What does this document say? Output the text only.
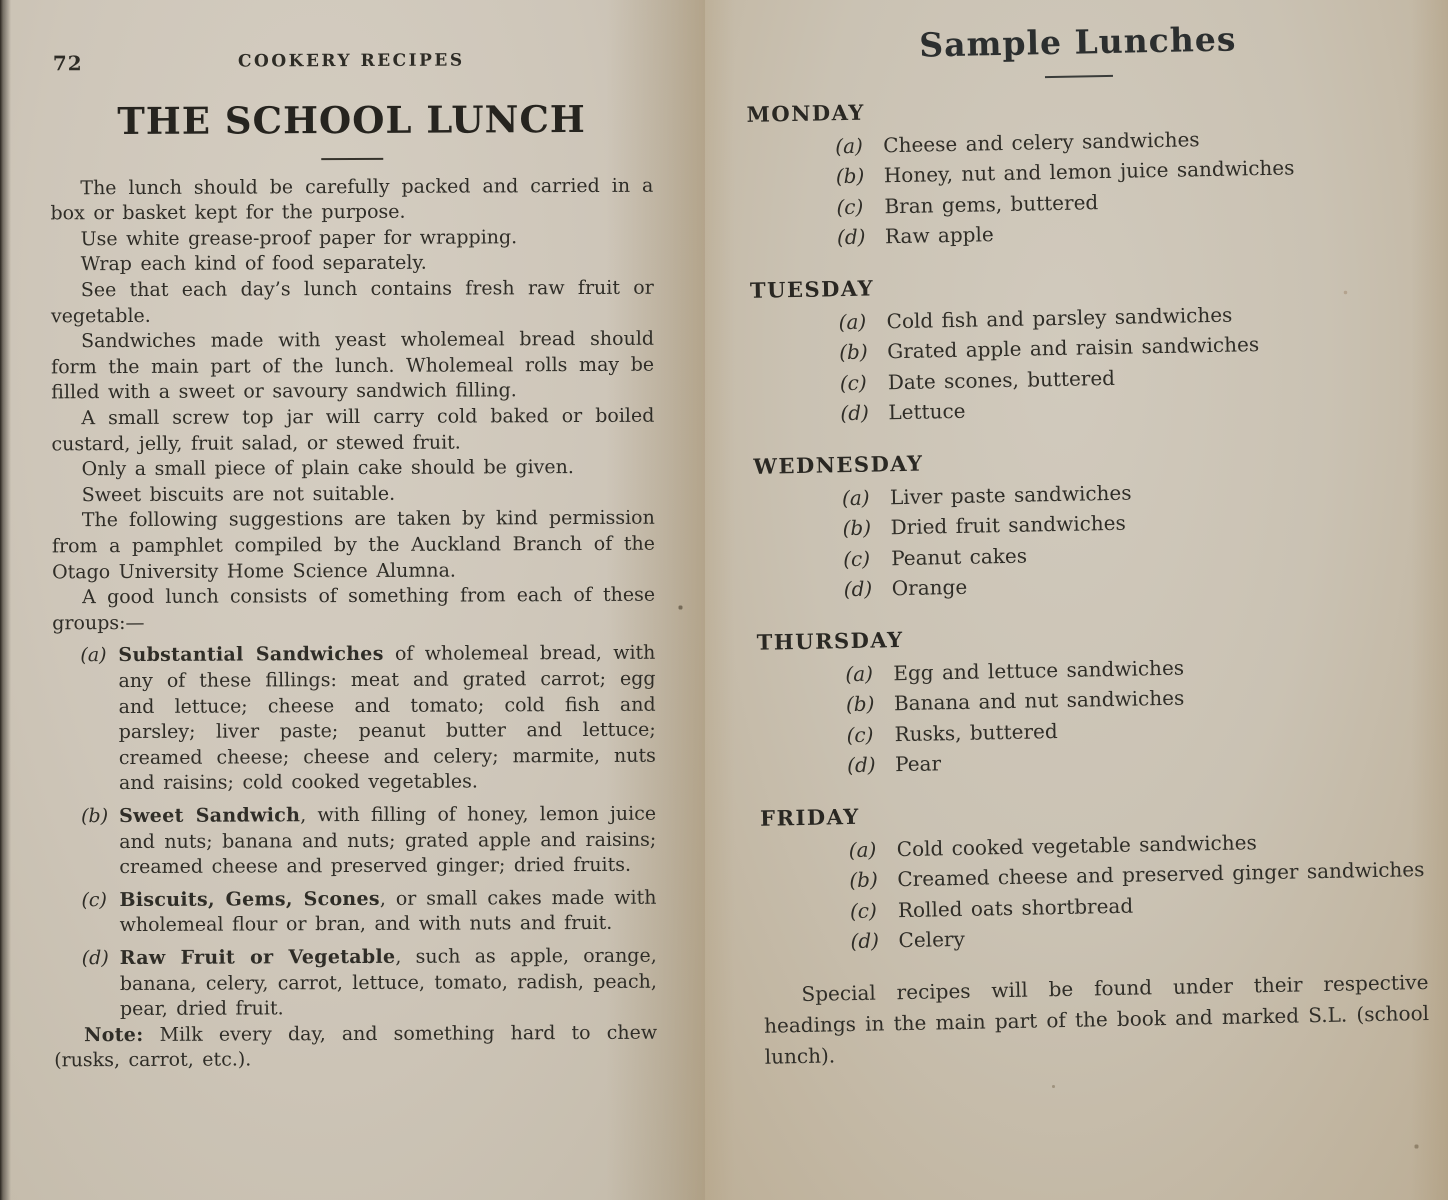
72	COOKERY RECIPES
THE SCHOOL LUNCH

The lunch should be carefully packed and carried in a box or basket kept for the purpose.

Use white grease-proof paper for wrapping.

Wrap each kind of food separately.

See that each day’s lunch contains fresh raw fruit or vegetable.

Sandwiches made with yeast wholemeal bread should form the main part of the lunch. Wholemeal rolls may be filled with a sweet or savoury sandwich filling.

A small screw top jar will carry cold baked or boiled custard, jelly, fruit salad, or stewed fruit.

Only a small piece of plain cake should be given.

Sweet biscuits are not suitable.

The following suggestions are taken by kind permission from a pamphlet compiled by the Auckland Branch of the Otago University Home Science Alumna.

A good lunch consists of something from each of these groups:—

(a) Substantial Sandwiches of wholemeal bread, with any of these fillings: meat and grated carrot; egg and lettuce; cheese and tomato; cold fish and parsley; liver paste; peanut butter and lettuce; creamed cheese; cheese and celery; marmite, nuts and raisins; cold cooked vegetables.
(b) Sweet Sandwich, with filling of honey, lemon juice and nuts; banana and nuts; grated apple and raisins; creamed cheese and preserved ginger; dried fruits.
(c) Biscuits, Gems, Scones, or small cakes made with wholemeal flour or bran, and with nuts and fruit.
(d) Raw Fruit or Vegetable, such as apple, orange, banana, celery, carrot, lettuce, tomato, radish, peach, pear, dried fruit.

Note: Milk every day, and something hard to chew (rusks, carrot, etc.).

Sample Lunches
MONDAY
(a)	Cheese and celery sandwiches
(b) Honey, nut and lemon juice sandwiches
(c)	Bran gems, buttered
(d) Raw apple
TUESDAY
(a)	Cold fish and parsley sandwiches
(b) Grated apple and raisin sandwiches
(c)	Date scones, buttered
(d) Lettuce
WEDNESDAY
(a)	Liver paste sandwiches
(b) Dried fruit sandwiches
(c)	Peanut cakes
(d) Orange
THURSDAY
(a)	Egg and lettuce sandwiches
(b) Banana and nut sandwiches
(c)	Rusks, buttered
(d) Pear
FRIDAY
(a)	Cold cooked vegetable sandwiches
(b) Creamed cheese and preserved ginger sandwiches
(c)	Rolled oats shortbread
(d) Celery

Special recipes will be found under their respective headings in the main part of the book and marked S.L. (school lunch).
